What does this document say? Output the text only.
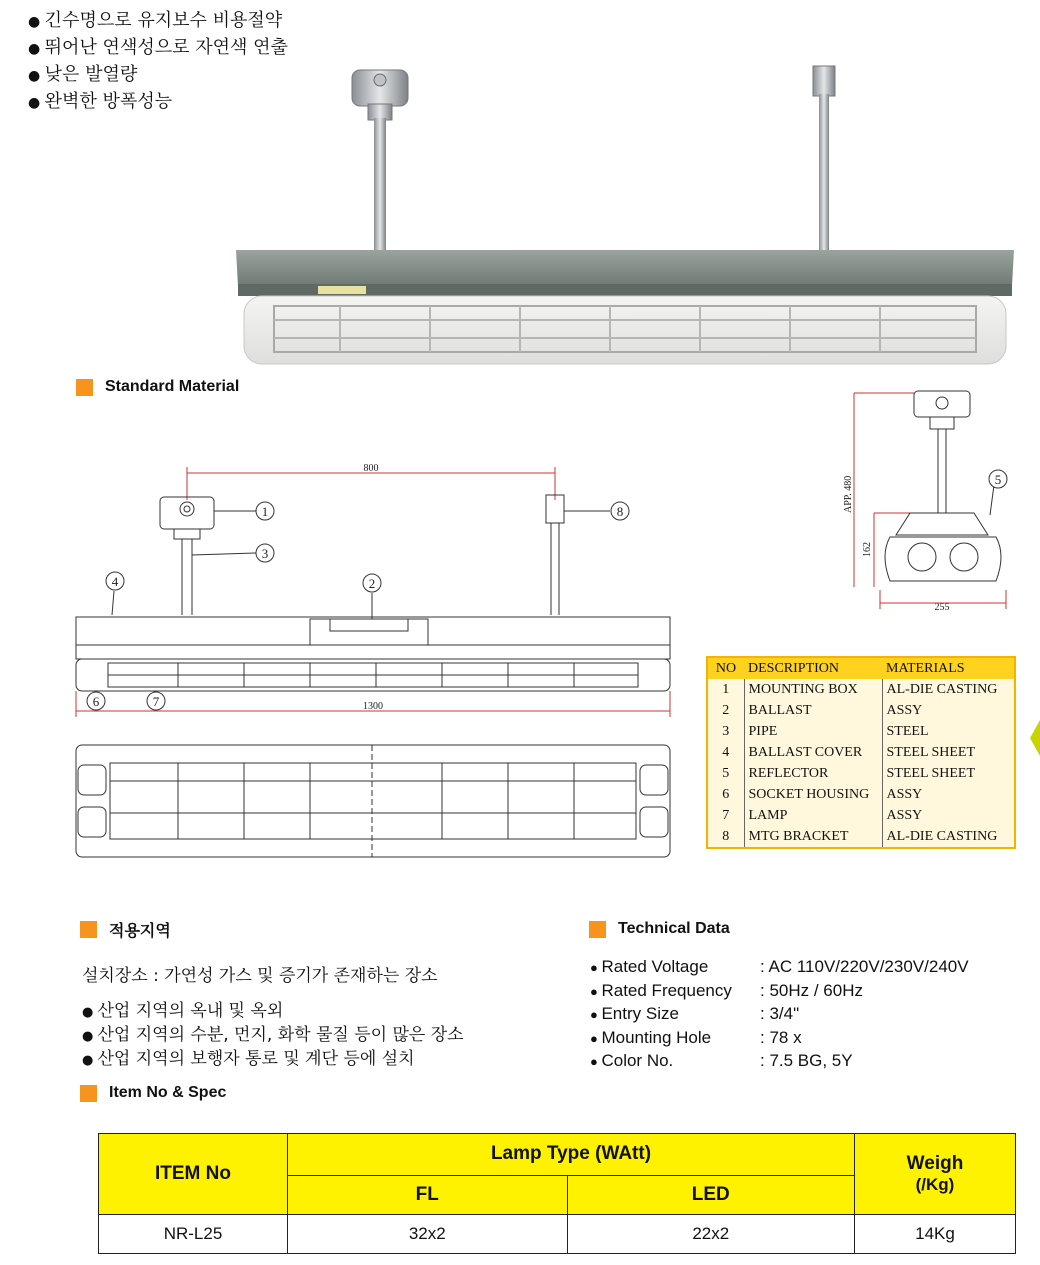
● 긴수명으로 유지보수 비용절약
● 뛰어난 연색성으로 자연색 연출
● 낮은 발열량
● 완벽한 방폭성능
Standard Material
800
1300
1
2
3
4
6	7
8
5
APP. 480
162
255
NO	DESCRIPTION	MATERIALS
1	MOUNTING BOX	AL-DIE CASTING
2	BALLAST	ASSY
3	PIPE	STEEL
4	BALLAST COVER	STEEL SHEET
5	REFLECTOR	STEEL SHEET
6	SOCKET HOUSING	ASSY
7	LAMP	ASSY
8	MTG BRACKET	AL-DIE CASTING
적용지역
설치장소 : 가연성 가스 및 증기가 존재하는 장소
● 산업 지역의 옥내 및 옥외
● 산업 지역의 수분, 먼지, 화학 물질 등이 많은 장소
● 산업 지역의 보행자 통로 및 계단 등에 설치
Technical Data
● Rated Voltage	: AC 110V/220V/230V/240V
● Rated Frequency	: 50Hz / 60Hz
● Entry Size	: 3/4"
● Mounting Hole	: 78 x
● Color No.	: 7.5 BG, 5Y
Item No & Spec
ITEM No	Lamp Type (WAtt)		Weigh
(/Kg)

	FL	LED	
NR-L25	32x2	22x2	14Kg
